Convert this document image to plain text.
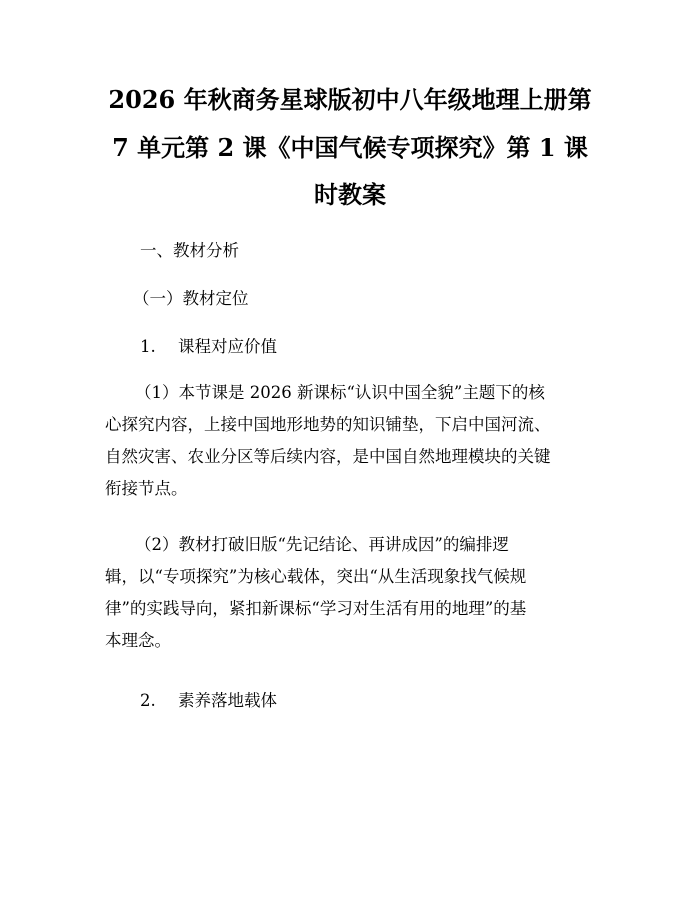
2026 年秋商务星球版初中八年级地理上册第
7 单元第 2 课《中国气候专项探究》第 1 课
时教案

一、教材分析

（一）教材定位

1. 课程对应价值

（1）本节课是 2026 新课标“认识中国全貌”主题下的核
心探究内容，上接中国地形地势的知识铺垫，下启中国河流、
自然灾害、农业分区等后续内容，是中国自然地理模块的关键
衔接节点。
（2）教材打破旧版“先记结论、再讲成因”的编排逻
辑，以“专项探究”为核心载体，突出“从生活现象找气候规
律”的实践导向，紧扣新课标“学习对生活有用的地理”的基
本理念。

2. 素养落地载体
